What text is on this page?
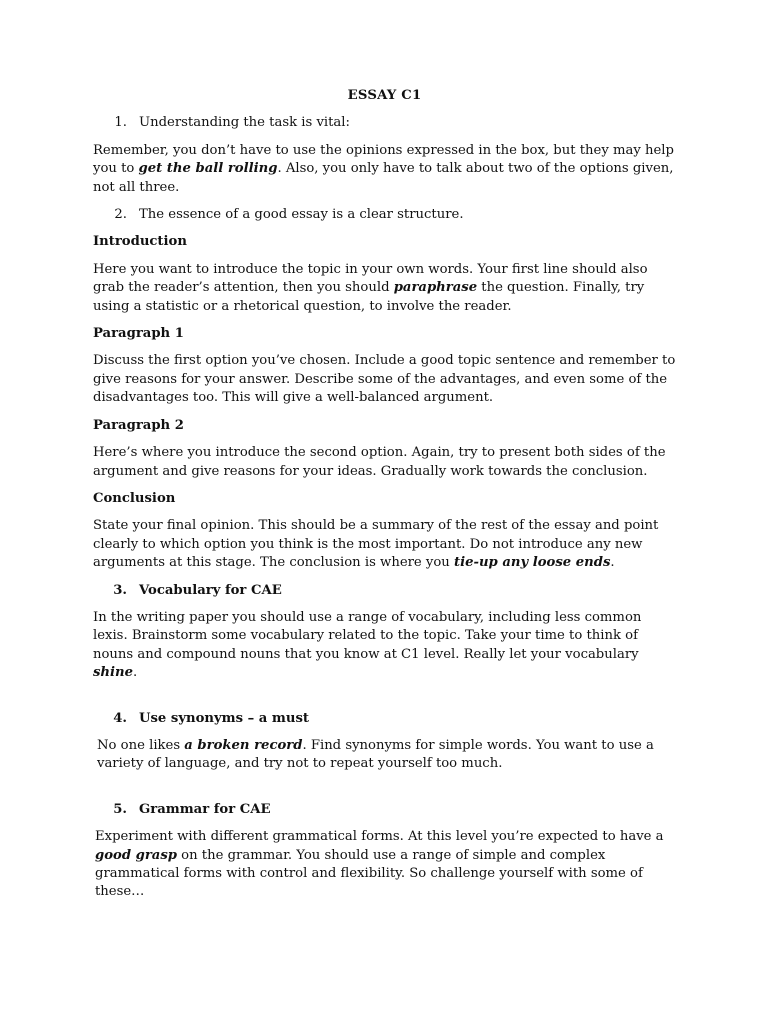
ESSAY C1
1. Understanding the task is vital:
Remember, you don’t have to use the opinions expressed in the box, but they may help you to get the ball rolling. Also, you only have to talk about two of the options given, not all three.
2. The essence of a good essay is a clear structure.
Introduction
Here you want to introduce the topic in your own words. Your first line should also grab the reader’s attention, then you should paraphrase the question. Finally, try using a statistic or a rhetorical question, to involve the reader.
Paragraph 1
Discuss the first option you’ve chosen. Include a good topic sentence and remember to give reasons for your answer. Describe some of the advantages, and even some of the disadvantages too. This will give a well-balanced argument.
Paragraph 2
Here’s where you introduce the second option. Again, try to present both sides of the argument and give reasons for your ideas. Gradually work towards the conclusion.
Conclusion
State your final opinion. This should be a summary of the rest of the essay and point clearly to which option you think is the most important. Do not introduce any new arguments at this stage. The conclusion is where you tie-up any loose ends.
3. Vocabulary for CAE
In the writing paper you should use a range of vocabulary, including less common lexis. Brainstorm some vocabulary related to the topic. Take your time to think of nouns and compound nouns that you know at C1 level. Really let your vocabulary shine.
4. Use synonyms – a must
No one likes a broken record. Find synonyms for simple words. You want to use a variety of language, and try not to repeat yourself too much.
5. Grammar for CAE
Experiment with different grammatical forms. At this level you’re expected to have a good grasp on the grammar. You should use a range of simple and complex grammatical forms with control and flexibility. So challenge yourself with some of these…
